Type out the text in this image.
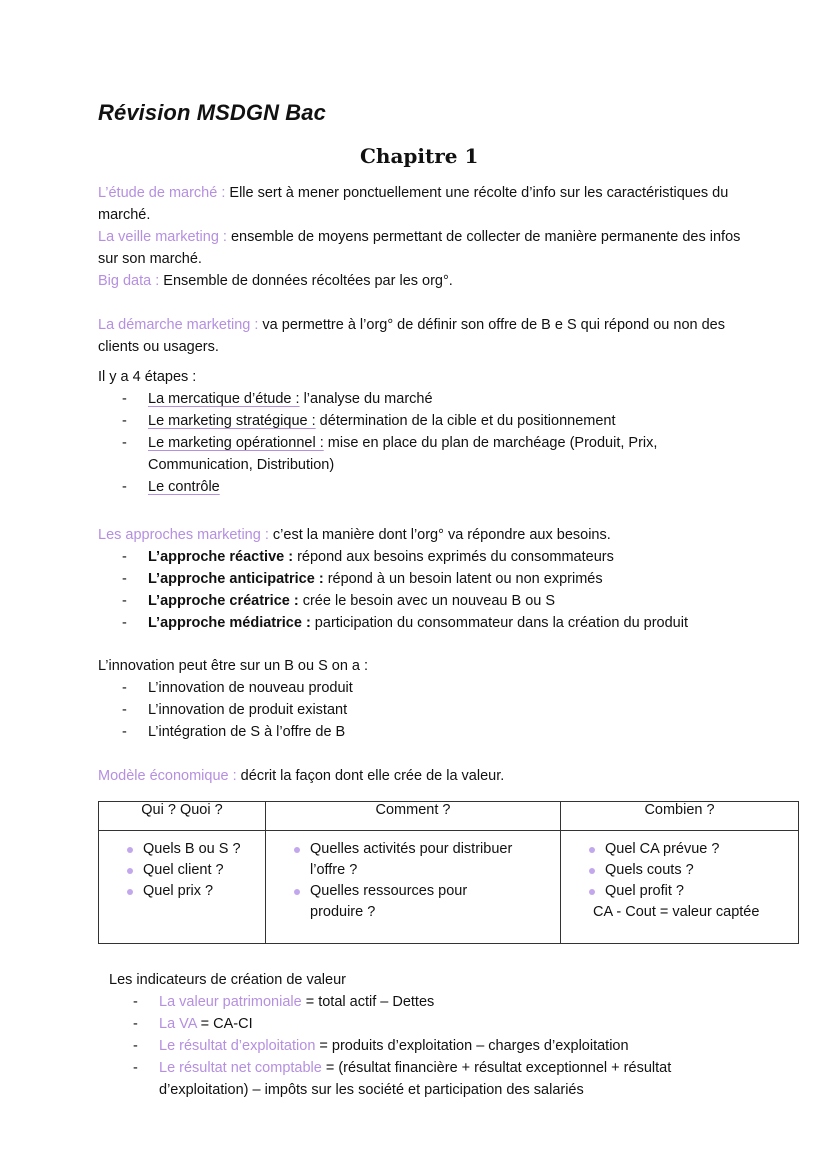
Révision MSDGN Bac
Chapitre 1
L’étude de marché : Elle sert à mener ponctuellement une récolte d’info sur les caractéristiques du marché.
La veille marketing : ensemble de moyens permettant de collecter de manière permanente des infos sur son marché.
Big data : Ensemble de données récoltées par les org°.
La démarche marketing : va permettre à l’org° de définir son offre de B e S qui répond ou non des clients ou usagers.
Il y a 4 étapes :
- La mercatique d’étude : l’analyse du marché
- Le marketing stratégique : détermination de la cible et du positionnement
- Le marketing opérationnel : mise en place du plan de marchéage (Produit, Prix, Communication, Distribution)
- Le contrôle
Les approches marketing : c’est la manière dont l’org° va répondre aux besoins.
- L’approche réactive : répond aux besoins exprimés du consommateurs
- L’approche anticipatrice : répond à un besoin latent ou non exprimés
- L’approche créatrice : crée le besoin avec un nouveau B ou S
- L’approche médiatrice : participation du consommateur dans la création du produit
L’innovation peut être sur un B ou S on a :
- L’innovation de nouveau produit
- L’innovation de produit existant
- L’intégration de S à l’offre de B
Modèle économique : décrit la façon dont elle crée de la valeur.
Qui ? Quoi ?	Comment ?	Combien ?

Quels B ou S ?
Quel client ?
Quel prix ?

Quelles activités pour distribuer l’offre ?
Quelles ressources pour produire ?

Quel CA prévue ?
Quels couts ?
Quel profit ?
CA - Cout = valeur captée
Les indicateurs de création de valeur
- La valeur patrimoniale = total actif – Dettes
- La VA = CA-CI
- Le résultat d’exploitation = produits d’exploitation – charges d’exploitation
- Le résultat net comptable = (résultat financière + résultat exceptionnel + résultat d’exploitation) – impôts sur les société et participation des salariés
